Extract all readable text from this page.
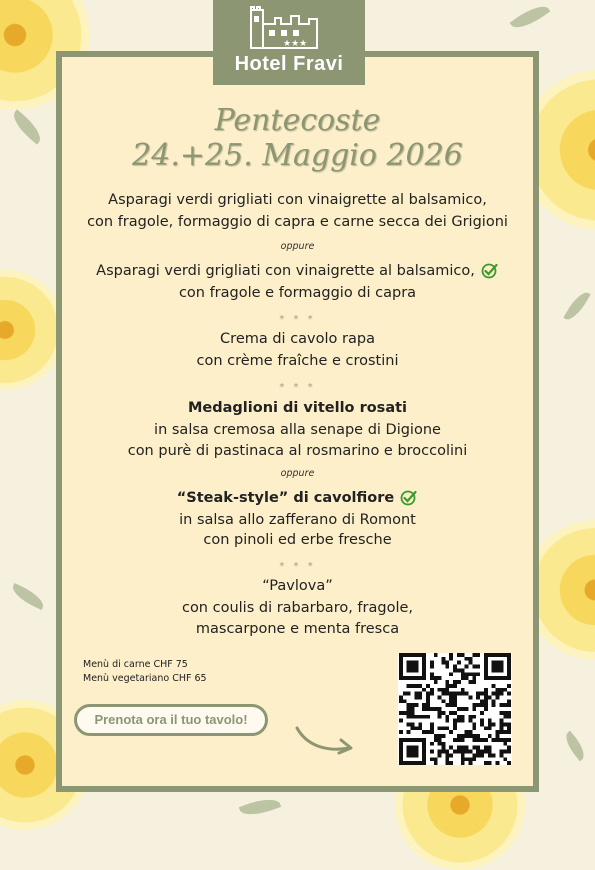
★★★
Hotel Fravi
Pentecoste
24.+25. Maggio 2026
Asparagi verdi grigliati con vinaigrette al balsamico,
con fragole, formaggio di capra e carne secca dei Grigioni
oppure
Asparagi verdi grigliati con vinaigrette al balsamico,
con fragole e formaggio di capra
* * *
Crema di cavolo rapa
con crème fraîche e crostini
* * *
Medaglioni di vitello rosati
in salsa cremosa alla senape di Digione
con purè di pastinaca al rosmarino e broccolini
oppure
“Steak-style” di cavolfiore
in salsa allo zafferano di Romont
con pinoli ed erbe fresche
* * *
“Pavlova”
con coulis di rabarbaro, fragole,
mascarpone e menta fresca
Menù di carne CHF 75
Menù vegetariano CHF 65
Prenota ora il tuo tavolo!
